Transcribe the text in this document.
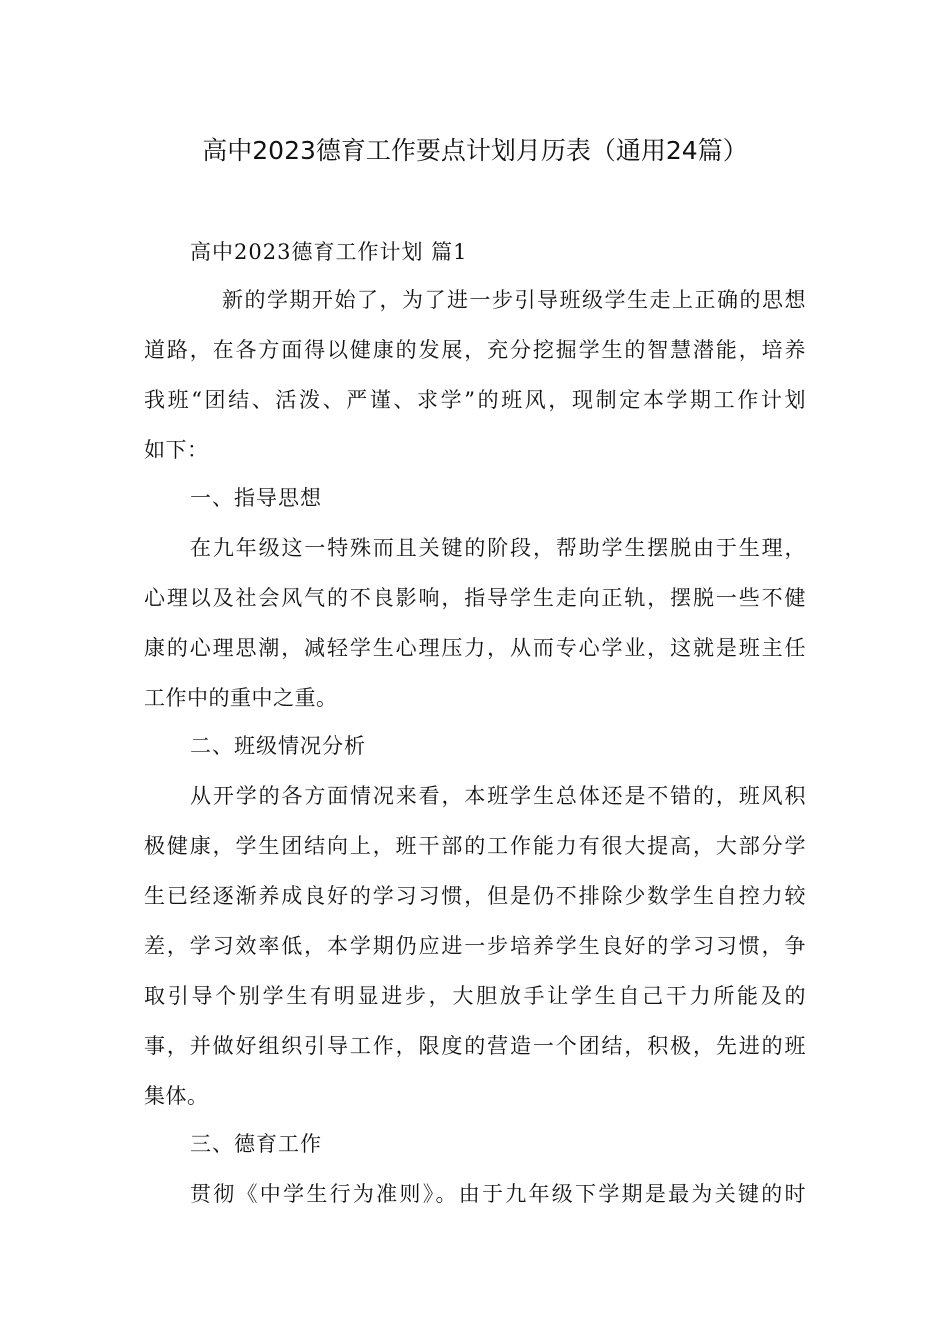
高中2023德育工作要点计划月历表（通用24篇）
高中2023德育工作计划 篇1
新的学期开始了，为了进一步引导班级学生走上正确的思想
道路，在各方面得以健康的发展，充分挖掘学生的智慧潜能，培养
我班“团结、活泼、严谨、求学”的班风，现制定本学期工作计划
如下：
一、指导思想
在九年级这一特殊而且关键的阶段，帮助学生摆脱由于生理，
心理以及社会风气的不良影响，指导学生走向正轨，摆脱一些不健
康的心理思潮，减轻学生心理压力，从而专心学业，这就是班主任
工作中的重中之重。
二、班级情况分析
从开学的各方面情况来看，本班学生总体还是不错的，班风积
极健康，学生团结向上，班干部的工作能力有很大提高，大部分学
生已经逐渐养成良好的学习习惯，但是仍不排除少数学生自控力较
差，学习效率低，本学期仍应进一步培养学生良好的学习习惯，争
取引导个别学生有明显进步，大胆放手让学生自己干力所能及的
事，并做好组织引导工作，限度的营造一个团结，积极，先进的班
集体。
三、德育工作
贯彻《中学生行为准则》。由于九年级下学期是最为关键的时
